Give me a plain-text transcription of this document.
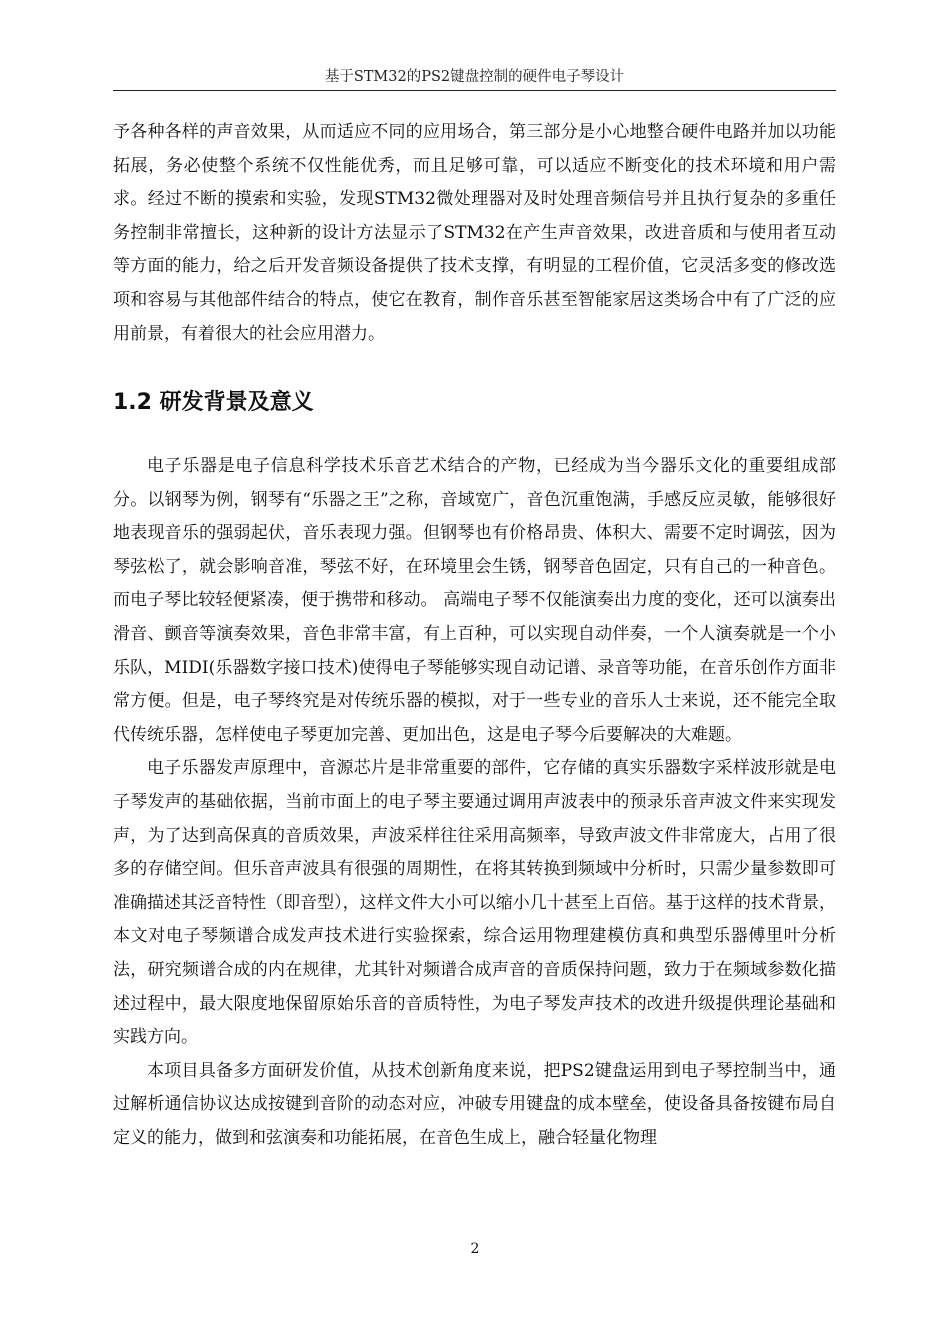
基于STM32的PS2键盘控制的硬件电子琴设计

予各种各样的声音效果，从而适应不同的应用场合，第三部分是小心地整合硬件电路并加以功能拓展，务必使整个系统不仅性能优秀，而且足够可靠，可以适应不断变化的技术环境和用户需求。经过不断的摸索和实验，发现STM32微处理器对及时处理音频信号并且执行复杂的多重任务控制非常擅长，这种新的设计方法显示了STM32在产生声音效果，改进音质和与使用者互动等方面的能力，给之后开发音频设备提供了技术支撑，有明显的工程价值，它灵活多变的修改选项和容易与其他部件结合的特点，使它在教育，制作音乐甚至智能家居这类场合中有了广泛的应用前景，有着很大的社会应用潜力。

1.2 研发背景及意义

电子乐器是电子信息科学技术乐音艺术结合的产物，已经成为当今器乐文化的重要组成部分。以钢琴为例，钢琴有“乐器之王”之称，音域宽广，音色沉重饱满，手感反应灵敏，能够很好地表现音乐的强弱起伏，音乐表现力强。但钢琴也有价格昂贵、体积大、需要不定时调弦，因为琴弦松了，就会影响音准，琴弦不好，在环境里会生锈，钢琴音色固定，只有自己的一种音色。而电子琴比较轻便紧凑，便于携带和移动。 高端电子琴不仅能演奏出力度的变化，还可以演奏出滑音、颤音等演奏效果，音色非常丰富，有上百种，可以实现自动伴奏，一个人演奏就是一个小乐队，MIDI(乐器数字接口技术)使得电子琴能够实现自动记谱、录音等功能，在音乐创作方面非常方便。但是，电子琴终究是对传统乐器的模拟，对于一些专业的音乐人士来说，还不能完全取代传统乐器，怎样使电子琴更加完善、更加出色，这是电子琴今后要解决的大难题。

电子乐器发声原理中，音源芯片是非常重要的部件，它存储的真实乐器数字采样波形就是电子琴发声的基础依据，当前市面上的电子琴主要通过调用声波表中的预录乐音声波文件来实现发声，为了达到高保真的音质效果，声波采样往往采用高频率，导致声波文件非常庞大，占用了很多的存储空间。但乐音声波具有很强的周期性，在将其转换到频域中分析时，只需少量参数即可准确描述其泛音特性（即音型），这样文件大小可以缩小几十甚至上百倍。基于这样的技术背景，本文对电子琴频谱合成发声技术进行实验探索，综合运用物理建模仿真和典型乐器傅里叶分析法，研究频谱合成的内在规律，尤其针对频谱合成声音的音质保持问题，致力于在频域参数化描述过程中，最大限度地保留原始乐音的音质特性，为电子琴发声技术的改进升级提供理论基础和实践方向。

本项目具备多方面研发价值，从技术创新角度来说，把PS2键盘运用到电子琴控制当中，通过解析通信协议达成按键到音阶的动态对应，冲破专用键盘的成本壁垒，使设备具备按键布局自定义的能力，做到和弦演奏和功能拓展，在音色生成上，融合轻量化物理

2
